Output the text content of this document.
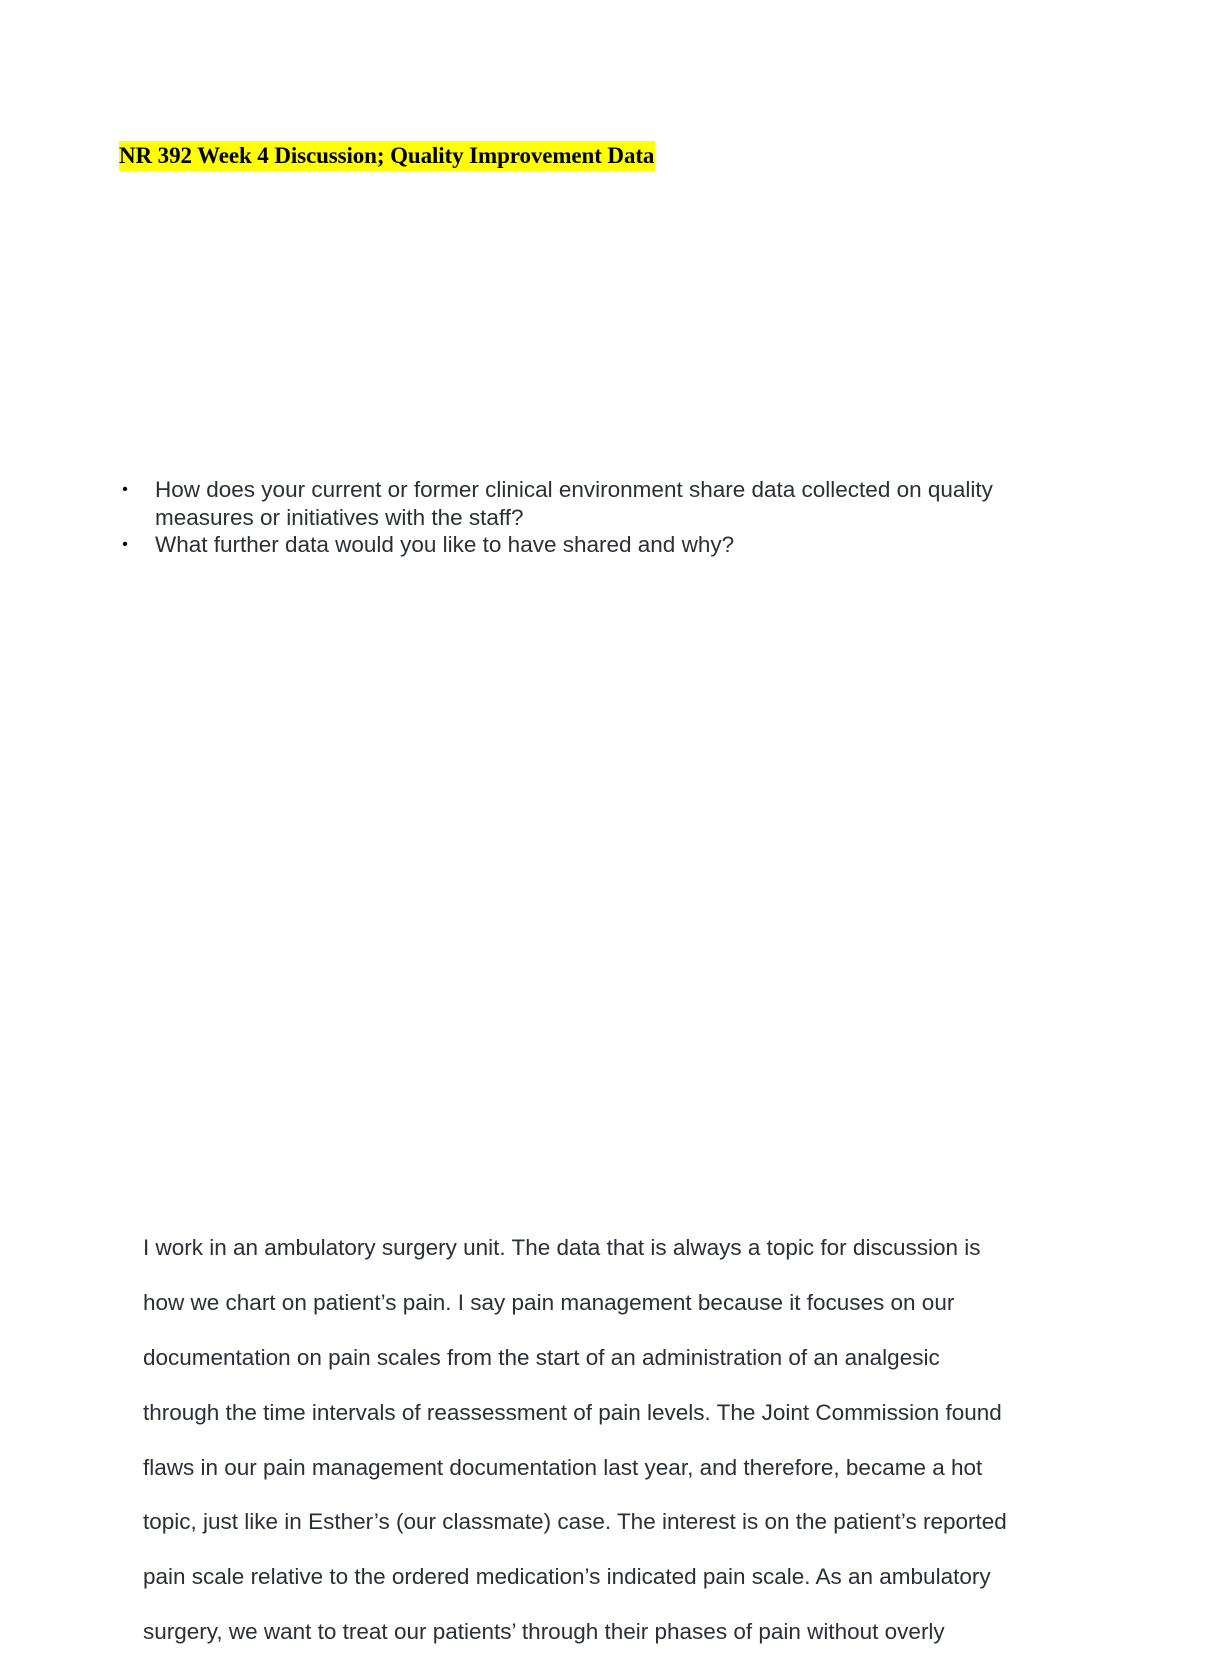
NR 392 Week 4 Discussion; Quality Improvement Data
• How does your current or former clinical environment share data collected on quality
measures or initiatives with the staff?
• What further data would you like to have shared and why?

I work in an ambulatory surgery unit. The data that is always a topic for discussion is

how we chart on patient’s pain. I say pain management because it focuses on our

documentation on pain scales from the start of an administration of an analgesic

through the time intervals of reassessment of pain levels. The Joint Commission found

flaws in our pain management documentation last year, and therefore, became a hot

topic, just like in Esther’s (our classmate) case. The interest is on the patient’s reported

pain scale relative to the ordered medication’s indicated pain scale. As an ambulatory

surgery, we want to treat our patients’ through their phases of pain without overly
